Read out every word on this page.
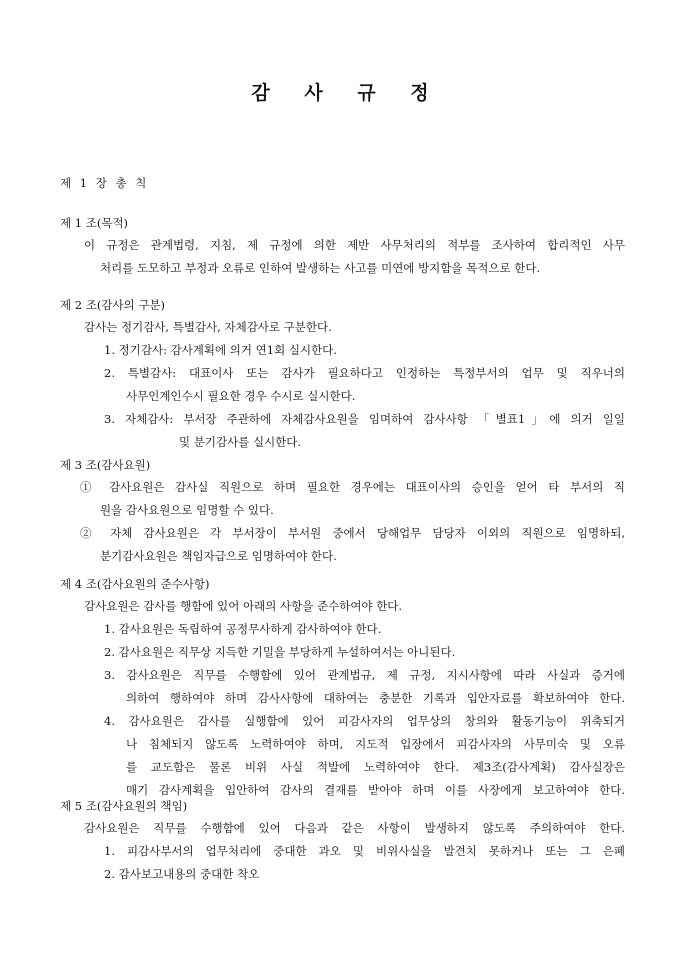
감 사 규 정
제 1 장 총 칙
제 1 조(목적)
이 규정은 관계법령, 지침, 제 규정에 의한 제반 사무처리의 적부를 조사하여 합리적인 사무
처리를 도모하고 부정과 오류로 인하여 발생하는 사고를 미연에 방지함을 목적으로 한다.
제 2 조(감사의 구분)
감사는 정기감사, 특별감사, 자체감사로 구분한다.
1. 정기감사: 감사계획에 의거 연1회 실시한다.
2. 특별감사: 대표이사 또는 감사가 필요하다고 인정하는 특정부서의 업무 및 직우너의
사무인계인수시 필요한 경우 수시로 실시한다.
3. 자체감사: 부서장 주관하에 자체감사요원을 임며하여 감사사항 「별표1」에 의거 일일
및 분기감사를 실시한다.
제 3 조(감사요원)
① 감사요원은 감사실 직원으로 하며 필요한 경우에는 대표이사의 승인을 얻어 타 부서의 직
원을 감사요원으로 임명할 수 있다.
② 자체 감사요원은 각 부서장이 부서원 중에서 당해업무 담당자 이외의 직원으로 임명하되,
분기감사요원은 책임자급으로 임명하여야 한다.
제 4 조(감사요원의 준수사항)
감사요원은 감사를 행함에 있어 아래의 사항을 준수하여야 한다.
1. 감사요원은 독립하여 공정무사하게 감사하여야 한다.
2. 감사요원은 직무상 지득한 기밀을 부당하게 누설하여서는 아니된다.
3. 감사요원은 직무를 수행함에 있어 관계법규, 제 규정, 지시사항에 따라 사실과 증거에
의하여 행하여야 하며 감사사항에 대하여는 충분한 기록과 입안자료를 확보하여야 한다.
4. 감사요원은 감사를 실행함에 있어 피감사자의 업무상의 창의와 활동기능이 위축되거
나 침체되지 않도록 노력하여야 하며, 지도적 입장에서 피감사자의 사무미숙 및 오류
를 교도함은 물론 비위 사실 적발에 노력하여야 한다. 제3조(감사계획) 감사실장은
매기 감사계획을 입안하여 감사의 결재를 받아야 하며 이를 사장에게 보고하여야 한다.
제 5 조(감사요원의 책임)
감사요원은 직무를 수행함에 있어 다음과 같은 사항이 발생하지 않도록 주의하여야 한다.
1. 피감사부서의 업무처리에 중대한 과오 및 비위사실을 발견치 못하거나 또는 그 은폐
2. 감사보고내용의 중대한 착오
